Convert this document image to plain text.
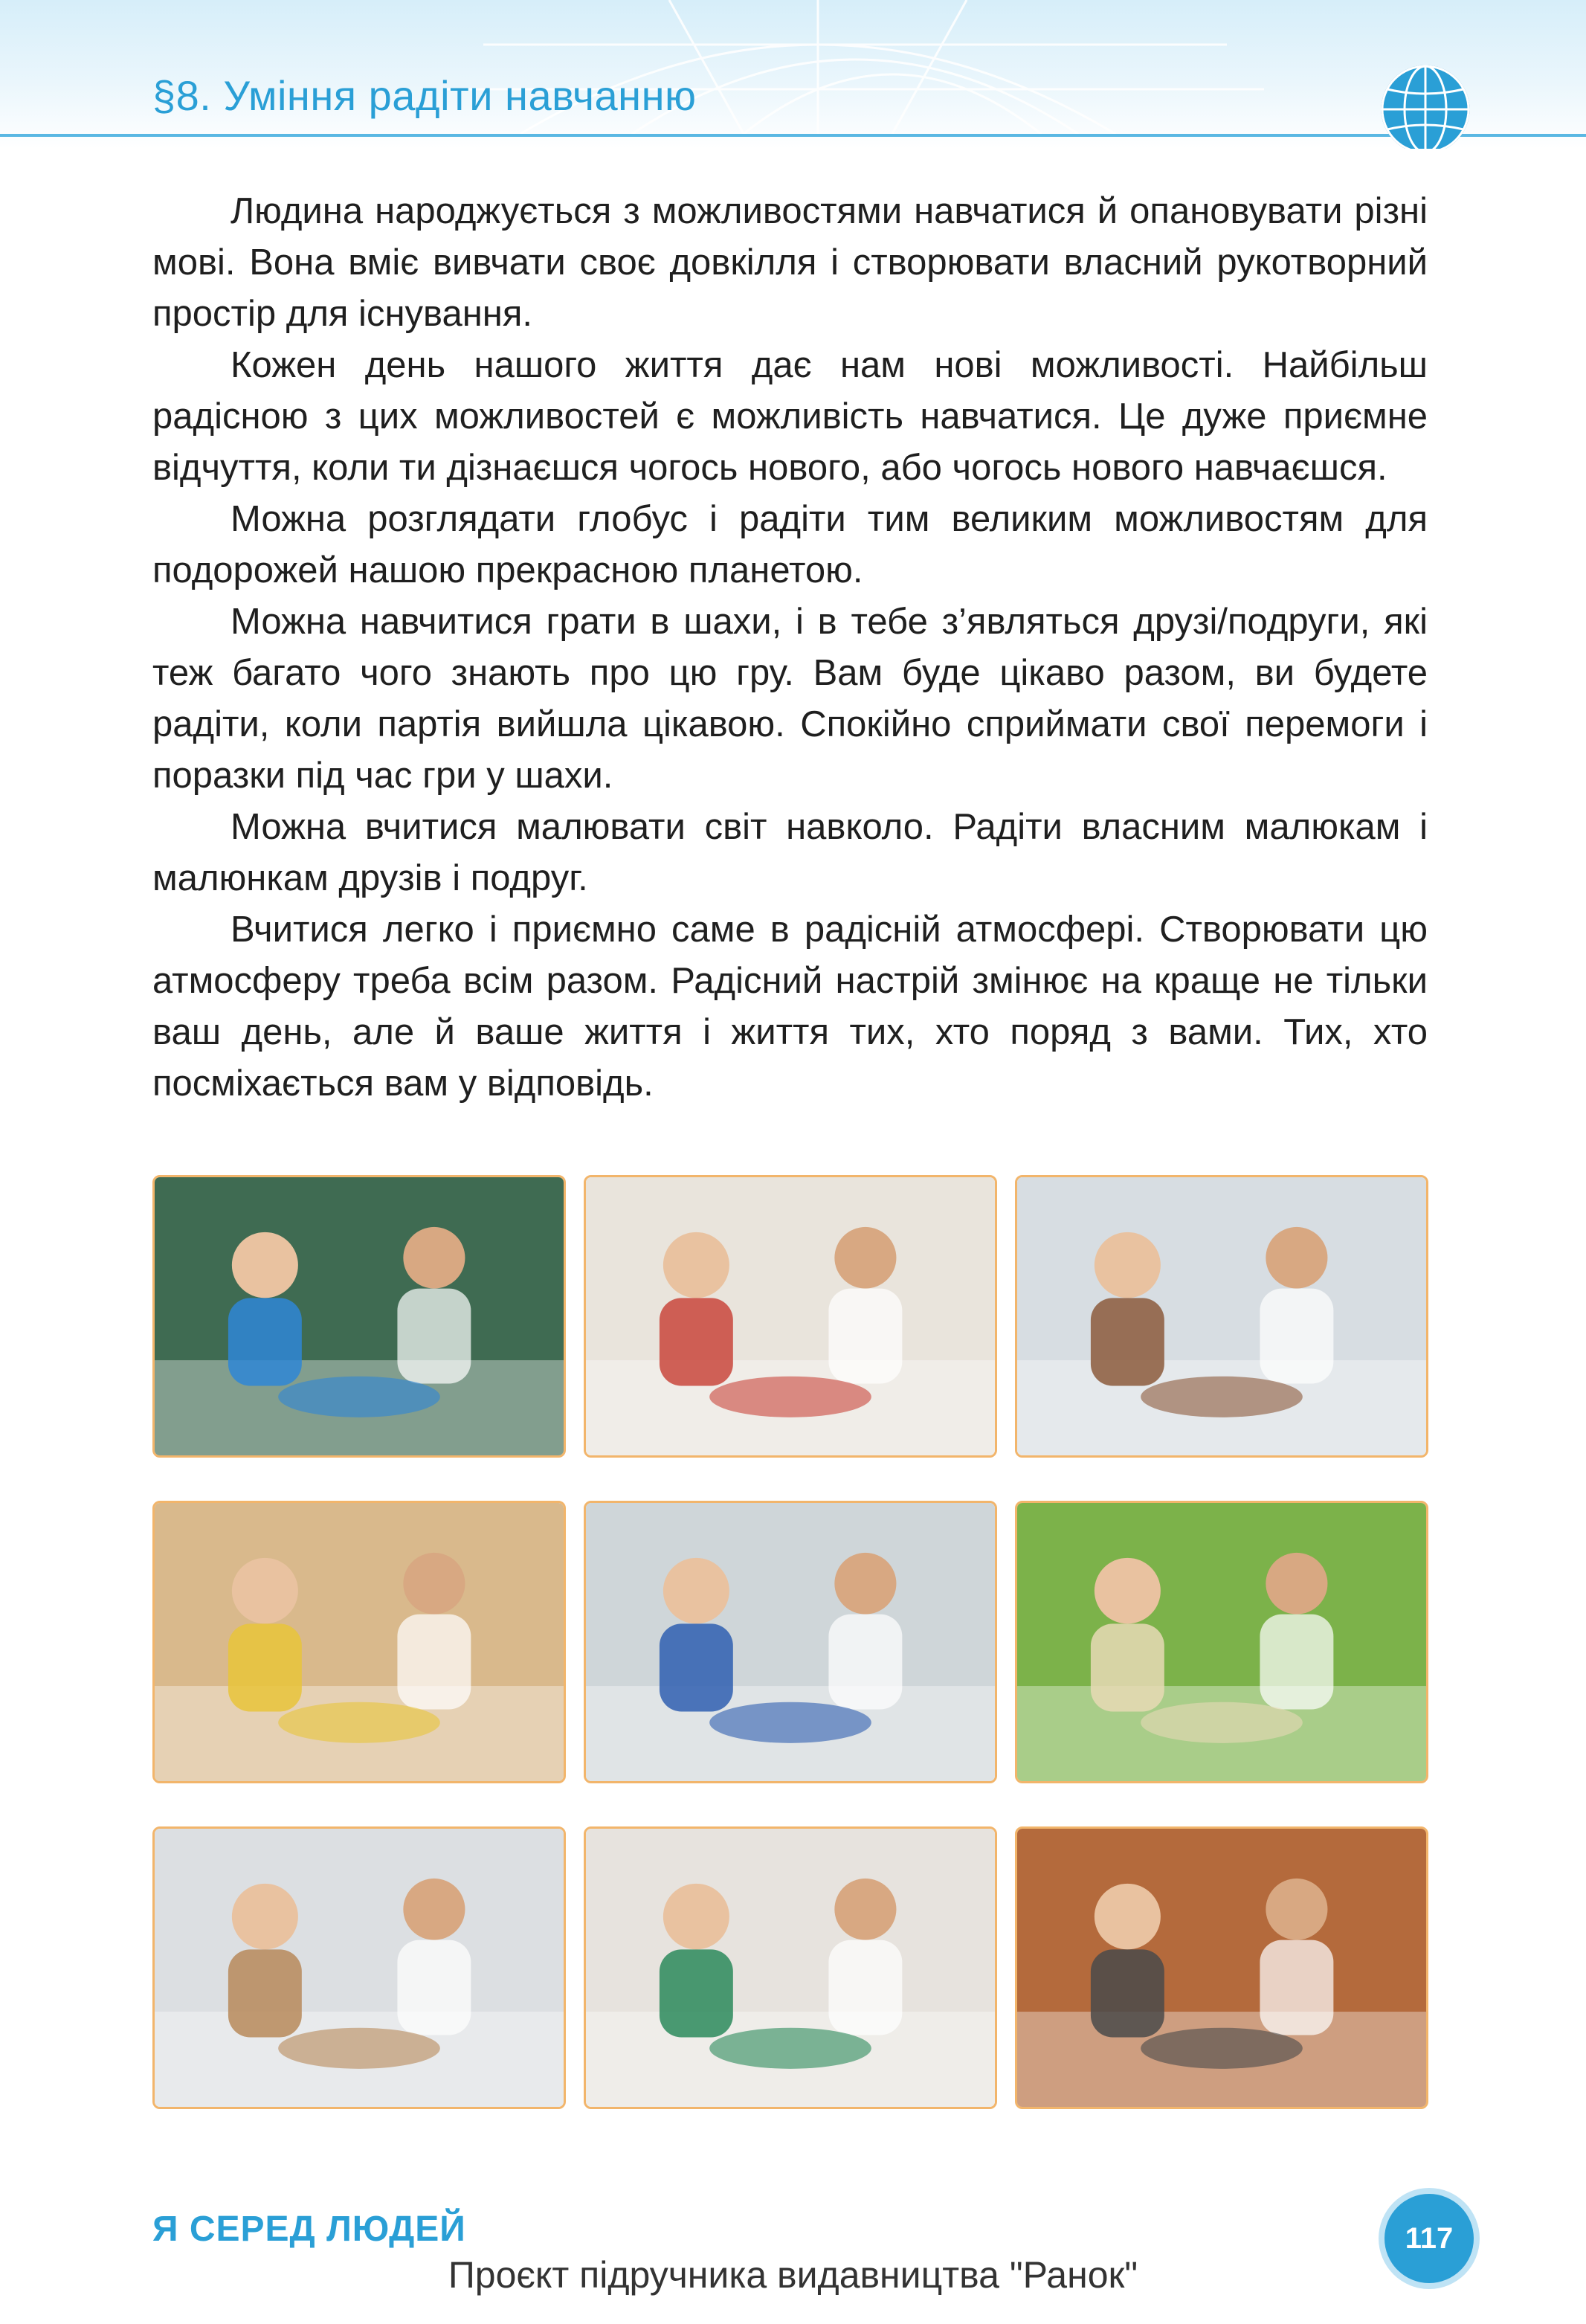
§8. Уміння радіти навчанню

Людина народжується з можливостями навчатися й опановувати різні мові. Вона вміє вивчати своє довкілля і створювати власний рукотворний простір для існування.

Кожен день нашого життя дає нам нові можливості. Найбільш радісною з цих можливостей є можливість навчатися. Це дуже приємне відчуття, коли ти дізнаєшся чогось нового, або чогось нового навчаєшся.

Можна розглядати глобус і радіти тим великим можливостям для подорожей нашою прекрасною планетою.

Можна навчитися грати в шахи, і в тебе з’являться друзі/подруги, які теж багато чого знають про цю гру. Вам буде цікаво разом, ви будете радіти, коли партія вийшла цікавою. Спокійно сприймати свої перемоги і поразки під час гри у шахи.

Можна вчитися малювати світ навколо. Радіти власним малюкам і малюнкам друзів і подруг.

Вчитися легко і приємно саме в радісній атмосфері. Створювати цю атмосферу треба всім разом. Радісний настрій змінює на краще не тільки ваш день, але й ваше життя і життя тих, хто поряд з вами. Тих, хто посміхається вам у відповідь.

Я СЕРЕД ЛЮДЕЙ	117
Проєкт підручника видавництва "Ранок"
